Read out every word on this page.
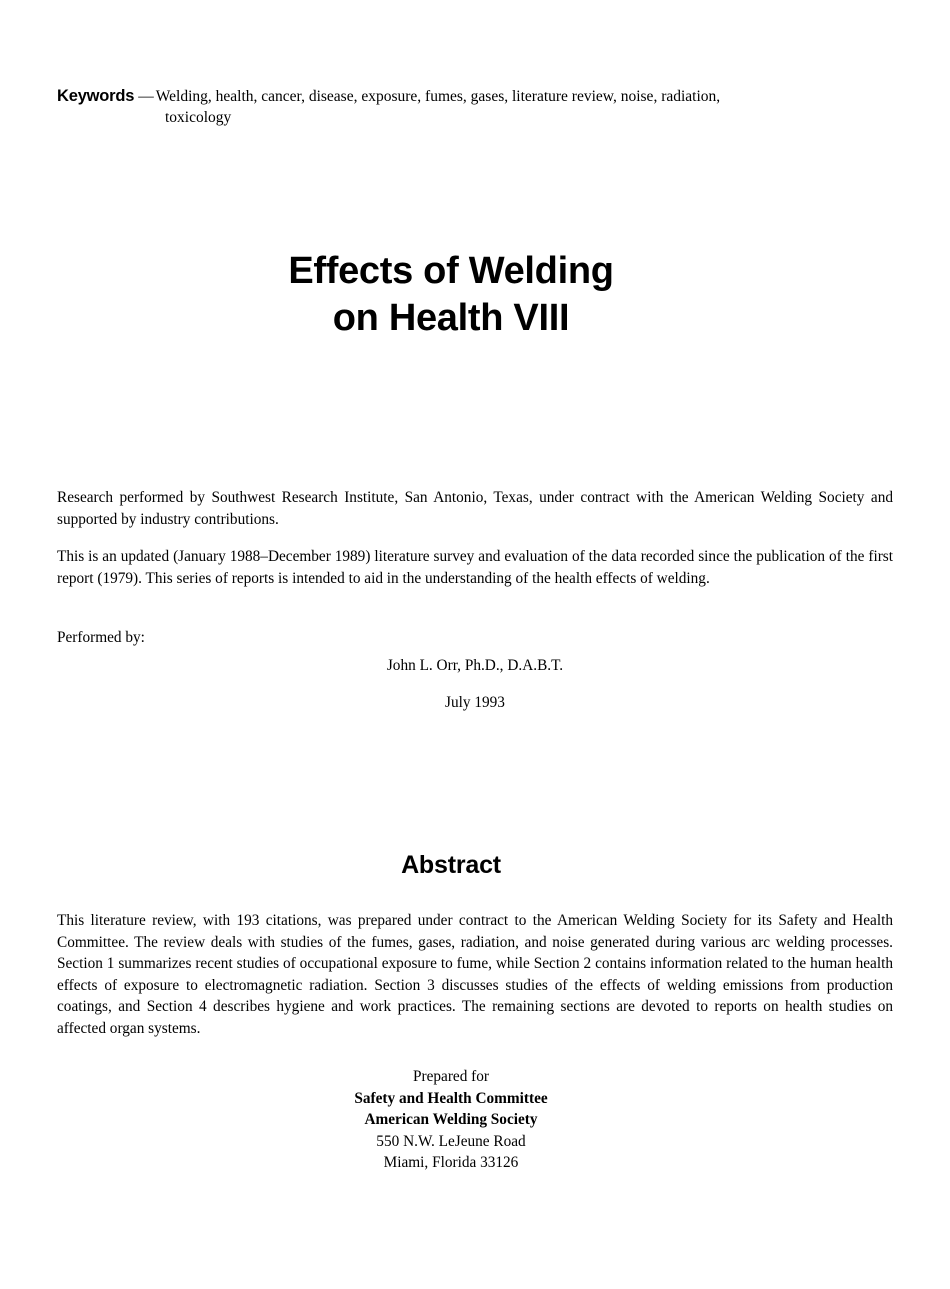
Keywords — Welding, health, cancer, disease, exposure, fumes, gases, literature review, noise, radiation,
toxicology
Effects of Welding
on Health VIII

Research performed by Southwest Research Institute, San Antonio, Texas, under contract with the American Welding Society and supported by industry contributions.

This is an updated (January 1988–December 1989) literature survey and evaluation of the data recorded since the publication of the first report (1979). This series of reports is intended to aid in the understanding of the health effects of welding.

Performed by:

John L. Orr, Ph.D., D.A.B.T.

July 1993

Abstract

This literature review, with 193 citations, was prepared under contract to the American Welding Society for its Safety and Health Committee. The review deals with studies of the fumes, gases, radiation, and noise generated during various arc welding processes. Section 1 summarizes recent studies of occupational exposure to fume, while Section 2 contains information related to the human health effects of exposure to electromagnetic radiation. Section 3 discusses studies of the effects of welding emissions from production coatings, and Section 4 describes hygiene and work practices. The remaining sections are devoted to reports on health studies on affected organ systems.

Prepared for
Safety and Health Committee
American Welding Society
550 N.W. LeJeune Road
Miami, Florida 33126
